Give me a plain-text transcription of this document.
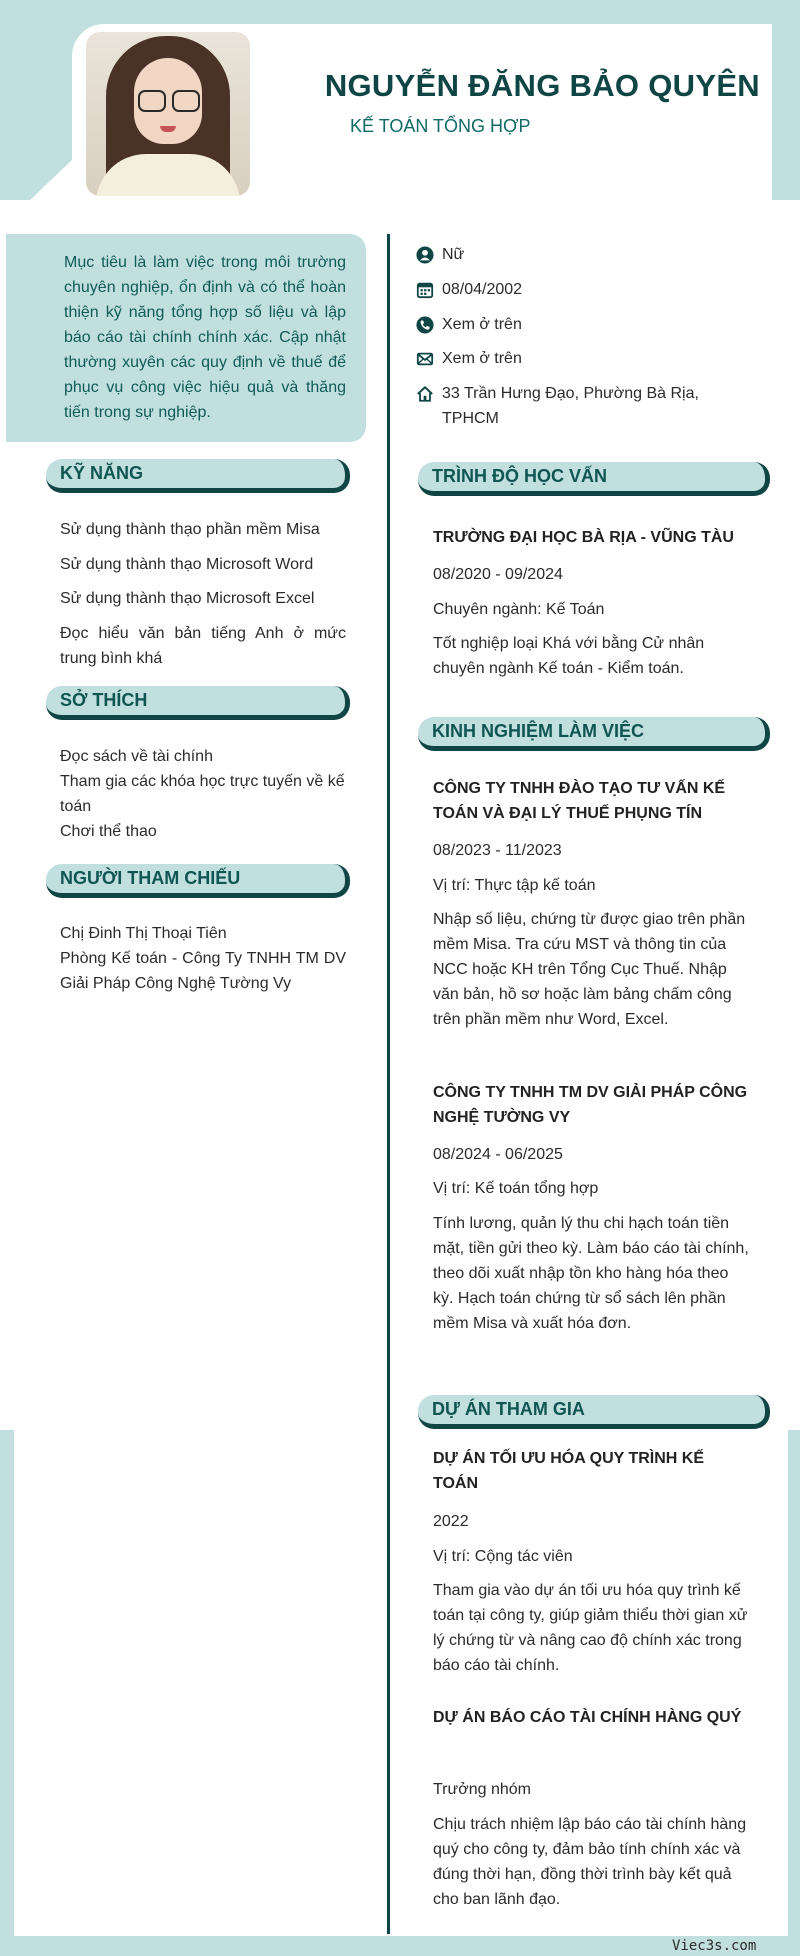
NGUYỄN ĐĂNG BẢO QUYÊN

KẾ TOÁN TỔNG HỢP

Mục tiêu là làm việc trong môi trường chuyên nghiệp, ổn định và có thể hoàn thiện kỹ năng tổng hợp số liệu và lập báo cáo tài chính chính xác. Cập nhật thường xuyên các quy định về thuế để phục vụ công việc hiệu quả và thăng tiến trong sự nghiệp.
Nữ
08/04/2002
Xem ở trên
Xem ở trên
33 Trần Hưng Đạo, Phường Bà Rịa, TPHCM
KỸ NĂNG
Sử dụng thành thạo phần mềm Misa
Sử dụng thành thạo Microsoft Word
Sử dụng thành thạo Microsoft Excel
Đọc hiểu văn bản tiếng Anh ở mức trung bình khá
SỞ THÍCH
Đọc sách về tài chính
Tham gia các khóa học trực tuyến về kế toán
Chơi thể thao
NGƯỜI THAM CHIẾU
Chị Đinh Thị Thoại Tiên
Phòng Kế toán - Công Ty TNHH TM DV Giải Pháp Công Nghệ Tường Vy
TRÌNH ĐỘ HỌC VẤN
TRƯỜNG ĐẠI HỌC BÀ RỊA - VŨNG TÀU
08/2020 - 09/2024
Chuyên ngành: Kế Toán
Tốt nghiệp loại Khá với bằng Cử nhân chuyên ngành Kế toán - Kiểm toán.
KINH NGHIỆM LÀM VIỆC
CÔNG TY TNHH ĐÀO TẠO TƯ VẤN KẾ TOÁN VÀ ĐẠI LÝ THUẾ PHỤNG TÍN
08/2023 - 11/2023
Vị trí: Thực tập kế toán
Nhập số liệu, chứng từ được giao trên phần mềm Misa. Tra cứu MST và thông tin của NCC hoặc KH trên Tổng Cục Thuế. Nhập văn bản, hồ sơ hoặc làm bảng chấm công trên phần mềm như Word, Excel.
CÔNG TY TNHH TM DV GIẢI PHÁP CÔNG NGHỆ TƯỜNG VY
08/2024 - 06/2025
Vị trí: Kế toán tổng hợp
Tính lương, quản lý thu chi hạch toán tiền mặt, tiền gửi theo kỳ. Làm báo cáo tài chính, theo dõi xuất nhập tồn kho hàng hóa theo kỳ. Hạch toán chứng từ sổ sách lên phần mềm Misa và xuất hóa đơn.
DỰ ÁN THAM GIA
DỰ ÁN TỐI ƯU HÓA QUY TRÌNH KẾ TOÁN
2022
Vị trí: Cộng tác viên
Tham gia vào dự án tối ưu hóa quy trình kế toán tại công ty, giúp giảm thiểu thời gian xử lý chứng từ và nâng cao độ chính xác trong báo cáo tài chính.
DỰ ÁN BÁO CÁO TÀI CHÍNH HÀNG QUÝ
Trưởng nhóm
Chịu trách nhiệm lập báo cáo tài chính hàng quý cho công ty, đảm bảo tính chính xác và đúng thời hạn, đồng thời trình bày kết quả cho ban lãnh đạo.
Viec3s.com
